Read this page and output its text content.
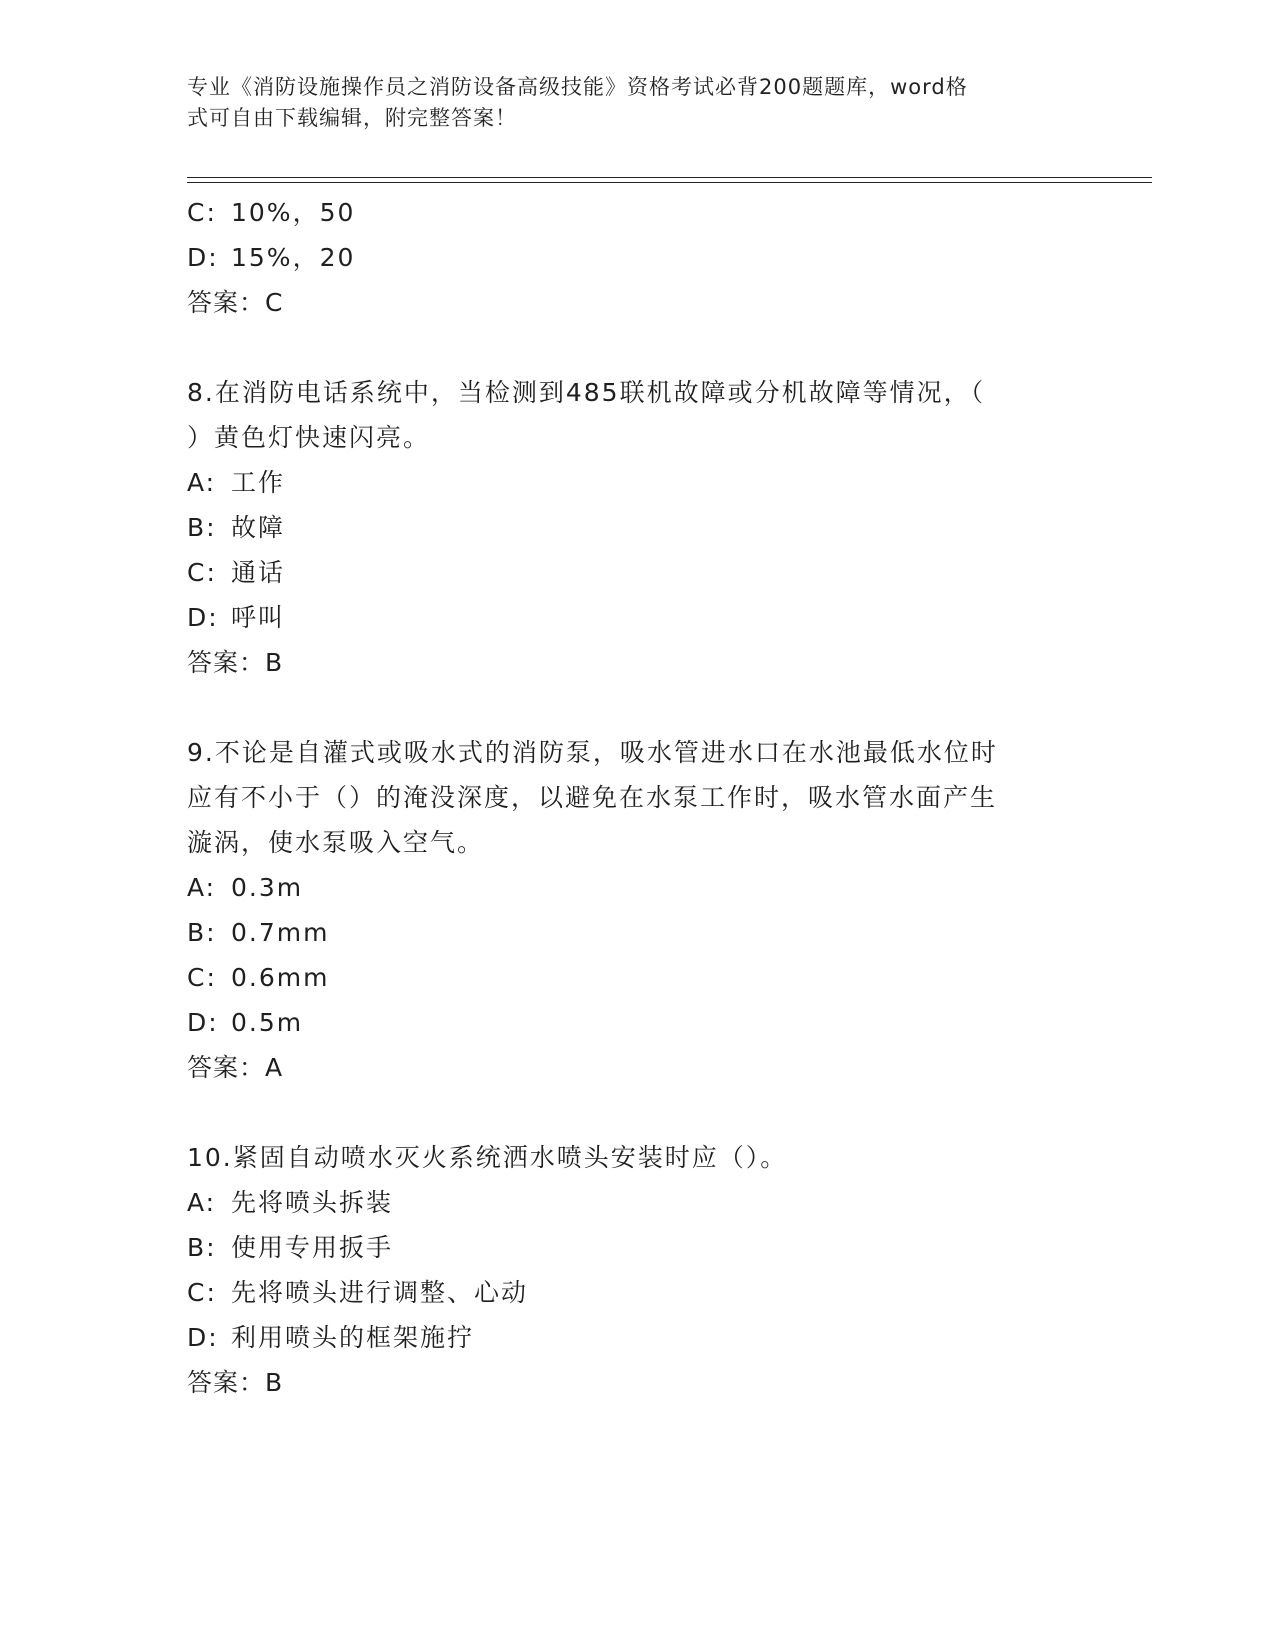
专业《消防设施操作员之消防设备高级技能》资格考试必背200题题库，word格

式可自由下载编辑，附完整答案！

C: 10%，50
D: 15%，20
答案：C
8.在消防电话系统中，当检测到485联机故障或分机故障等情况，（
）黄色灯快速闪亮。
A: 工作
B: 故障
C: 通话
D: 呼叫
答案：B
9.不论是自灌式或吸水式的消防泵，吸水管进水口在水池最低水位时
应有不小于（）的淹没深度，以避免在水泵工作时，吸水管水面产生
漩涡，使水泵吸入空气。
A: 0.3m
B: 0.7mm
C: 0.6mm
D: 0.5m
答案：A
10.紧固自动喷水灭火系统洒水喷头安装时应（）。
A: 先将喷头拆装
B: 使用专用扳手
C: 先将喷头进行调整、心动
D: 利用喷头的框架施拧
答案：B
